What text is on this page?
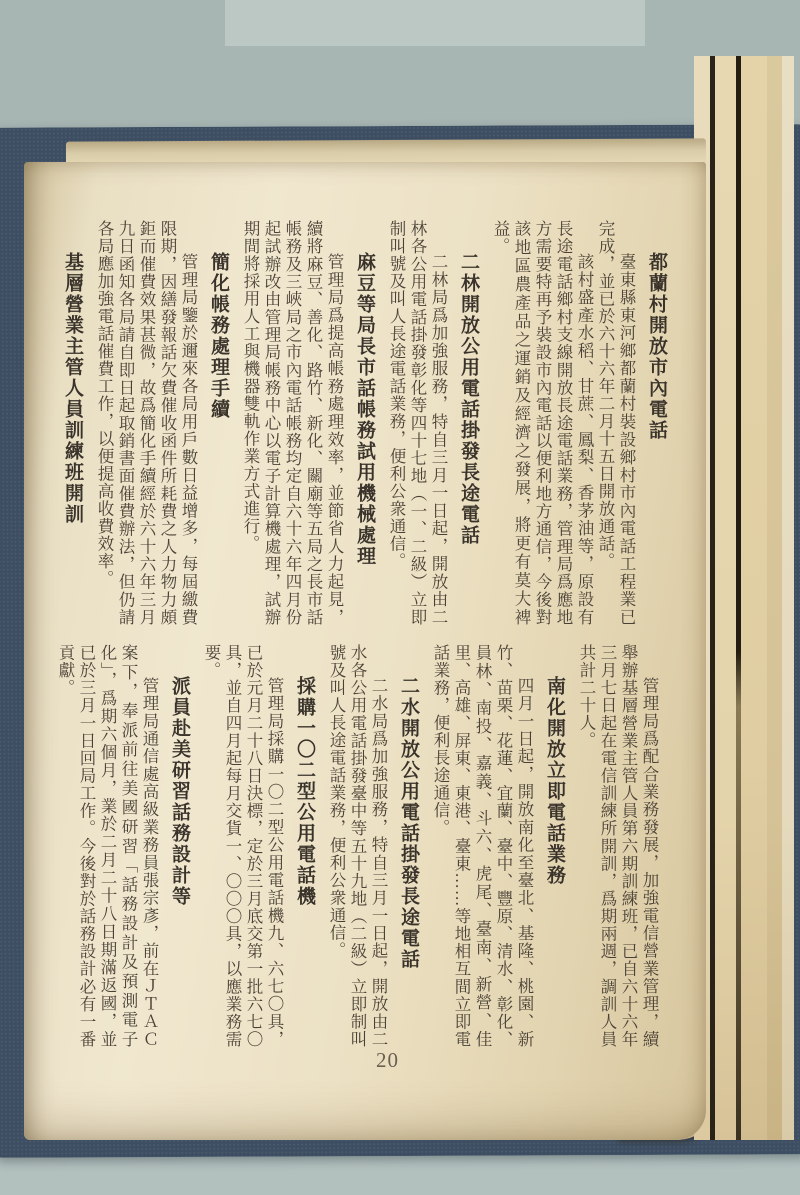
都蘭村開放市內電話

臺東縣東河鄉都蘭村裝設鄉村市內電話工程業已完成，並已於六十六年二月十五日開放通話。

該村盛產水稻、甘蔗、鳳梨、香茅油等，原設有長途電話鄉村支線開放長途電話業務，管理局爲應地方需要特再予裝設市內電話以便利地方通信，今後對該地區農產品之運銷及經濟之發展，將更有莫大裨益。

二林開放公用電話掛發長途電話

二林局爲加強服務，特自三月一日起，開放由二林各公用電話掛發彰化等四十七地（一、二級）立即制叫號及叫人長途電話業務，便利公衆通信。

麻豆等局長市話帳務試用機械處理

管理局爲提高帳務處理效率，並節省人力起見，續將麻豆、善化、路竹、新化、關廟等五局之長市話帳務及三峽局之市內電話帳務均定自六十六年四月份起試辦改由管理局帳務中心以電子計算機處理，試辦期間將採用人工與機器雙軌作業方式進行。

簡化帳務處理手續

管理局鑒於邇來各局用戶數日益增多，每屆繳費限期，因繕發報話欠費催收函件所耗費之人力物力頗鉅而催費效果甚微，故爲簡化手續經於六十六年三月九日函知各局請自即日起取銷書面催費辦法，但仍請各局應加強電話催費工作，以便提高收費效率。

基層營業主管人員訓練班開訓

管理局爲配合業務發展，加強電信營業管理，續舉辦基層營業主管人員第六期訓練班，已自六十六年三月七日起在電信訓練所開訓，爲期兩週，調訓人員共計二十人。

南化開放立即電話業務

四月一日起，開放南化至臺北、基隆、桃園、新竹、苗栗、花蓮、宜蘭、臺中、豐原、清水、彰化、員林、南投、嘉義、斗六、虎尾、臺南、新營、佳里、高雄、屏東、東港、臺東……等地相互間立即電話業務，便利長途通信。

二水開放公用電話掛發長途電話

二水局爲加強服務，特自三月一日起，開放由二水各公用電話掛發臺中等五十九地（二級）立即制叫號及叫人長途電話業務，便利公衆通信。

採購一〇二型公用電話機

管理局採購一〇二型公用電話機九、六七〇具，已於元月二十八日決標，定於三月底交第一批六七〇具，並自四月起每月交貨一、〇〇〇具，以應業務需要。

派員赴美研習話務設計等

管理局通信處高級業務員張宗彥，前在ＪＴＡＣ案下，奉派前往美國研習「話務設計及預測電子化」，爲期六個月，業於二月二十八日期滿返國，並已於三月一日回局工作。今後對於話務設計必有一番貢獻。

20
